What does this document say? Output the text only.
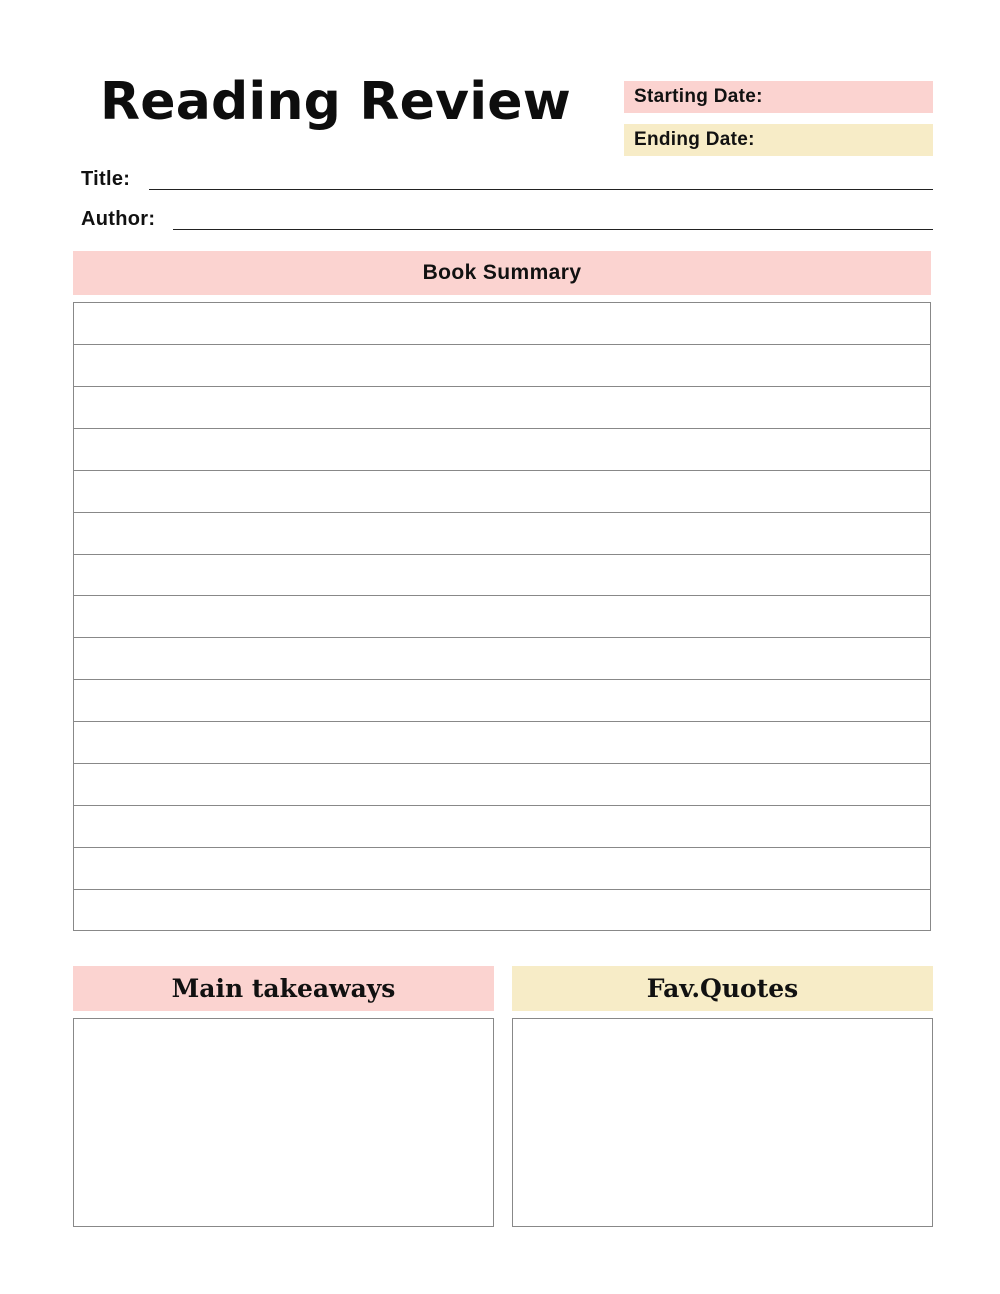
Reading Review	Starting Date:
Ending Date:
Title:
Author:
Book Summary
Main takeaways	Fav.Quotes
